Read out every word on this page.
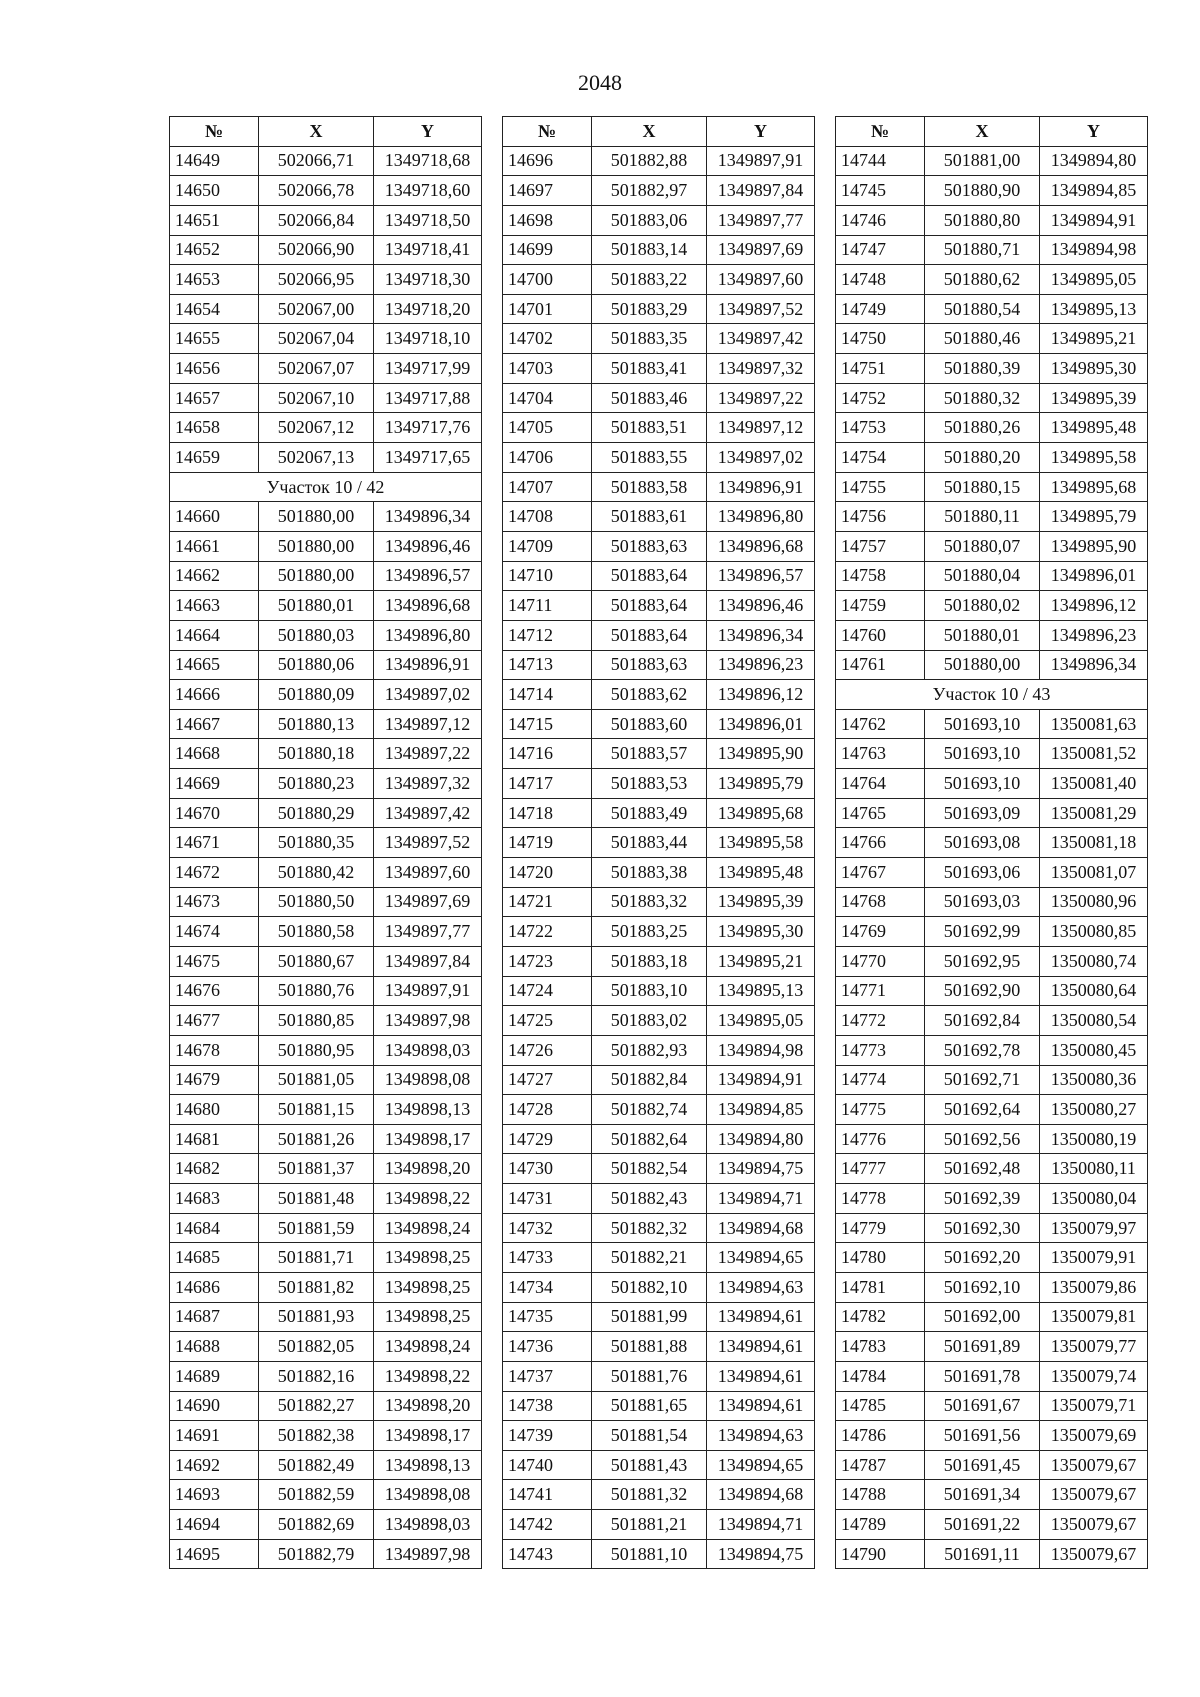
2048
№	X	Y
14649	502066,71	1349718,68
14650	502066,78	1349718,60
14651	502066,84	1349718,50
14652	502066,90	1349718,41
14653	502066,95	1349718,30
14654	502067,00	1349718,20
14655	502067,04	1349718,10
14656	502067,07	1349717,99
14657	502067,10	1349717,88
14658	502067,12	1349717,76
14659	502067,13	1349717,65
Участок 10 / 42		
14660	501880,00	1349896,34
14661	501880,00	1349896,46
14662	501880,00	1349896,57
14663	501880,01	1349896,68
14664	501880,03	1349896,80
14665	501880,06	1349896,91
14666	501880,09	1349897,02
14667	501880,13	1349897,12
14668	501880,18	1349897,22
14669	501880,23	1349897,32
14670	501880,29	1349897,42
14671	501880,35	1349897,52
14672	501880,42	1349897,60
14673	501880,50	1349897,69
14674	501880,58	1349897,77
14675	501880,67	1349897,84
14676	501880,76	1349897,91
14677	501880,85	1349897,98
14678	501880,95	1349898,03
14679	501881,05	1349898,08
14680	501881,15	1349898,13
14681	501881,26	1349898,17
14682	501881,37	1349898,20
14683	501881,48	1349898,22
14684	501881,59	1349898,24
14685	501881,71	1349898,25
14686	501881,82	1349898,25
14687	501881,93	1349898,25
14688	501882,05	1349898,24
14689	501882,16	1349898,22
14690	501882,27	1349898,20
14691	501882,38	1349898,17
14692	501882,49	1349898,13
14693	501882,59	1349898,08
14694	501882,69	1349898,03
14695	501882,79	1349897,98
№	X	Y
14696	501882,88	1349897,91
14697	501882,97	1349897,84
14698	501883,06	1349897,77
14699	501883,14	1349897,69
14700	501883,22	1349897,60
14701	501883,29	1349897,52
14702	501883,35	1349897,42
14703	501883,41	1349897,32
14704	501883,46	1349897,22
14705	501883,51	1349897,12
14706	501883,55	1349897,02
14707	501883,58	1349896,91
14708	501883,61	1349896,80
14709	501883,63	1349896,68
14710	501883,64	1349896,57
14711	501883,64	1349896,46
14712	501883,64	1349896,34
14713	501883,63	1349896,23
14714	501883,62	1349896,12
14715	501883,60	1349896,01
14716	501883,57	1349895,90
14717	501883,53	1349895,79
14718	501883,49	1349895,68
14719	501883,44	1349895,58
14720	501883,38	1349895,48
14721	501883,32	1349895,39
14722	501883,25	1349895,30
14723	501883,18	1349895,21
14724	501883,10	1349895,13
14725	501883,02	1349895,05
14726	501882,93	1349894,98
14727	501882,84	1349894,91
14728	501882,74	1349894,85
14729	501882,64	1349894,80
14730	501882,54	1349894,75
14731	501882,43	1349894,71
14732	501882,32	1349894,68
14733	501882,21	1349894,65
14734	501882,10	1349894,63
14735	501881,99	1349894,61
14736	501881,88	1349894,61
14737	501881,76	1349894,61
14738	501881,65	1349894,61
14739	501881,54	1349894,63
14740	501881,43	1349894,65
14741	501881,32	1349894,68
14742	501881,21	1349894,71
14743	501881,10	1349894,75
№	X	Y
14744	501881,00	1349894,80
14745	501880,90	1349894,85
14746	501880,80	1349894,91
14747	501880,71	1349894,98
14748	501880,62	1349895,05
14749	501880,54	1349895,13
14750	501880,46	1349895,21
14751	501880,39	1349895,30
14752	501880,32	1349895,39
14753	501880,26	1349895,48
14754	501880,20	1349895,58
14755	501880,15	1349895,68
14756	501880,11	1349895,79
14757	501880,07	1349895,90
14758	501880,04	1349896,01
14759	501880,02	1349896,12
14760	501880,01	1349896,23
14761	501880,00	1349896,34
Участок 10 / 43		
14762	501693,10	1350081,63
14763	501693,10	1350081,52
14764	501693,10	1350081,40
14765	501693,09	1350081,29
14766	501693,08	1350081,18
14767	501693,06	1350081,07
14768	501693,03	1350080,96
14769	501692,99	1350080,85
14770	501692,95	1350080,74
14771	501692,90	1350080,64
14772	501692,84	1350080,54
14773	501692,78	1350080,45
14774	501692,71	1350080,36
14775	501692,64	1350080,27
14776	501692,56	1350080,19
14777	501692,48	1350080,11
14778	501692,39	1350080,04
14779	501692,30	1350079,97
14780	501692,20	1350079,91
14781	501692,10	1350079,86
14782	501692,00	1350079,81
14783	501691,89	1350079,77
14784	501691,78	1350079,74
14785	501691,67	1350079,71
14786	501691,56	1350079,69
14787	501691,45	1350079,67
14788	501691,34	1350079,67
14789	501691,22	1350079,67
14790	501691,11	1350079,67
